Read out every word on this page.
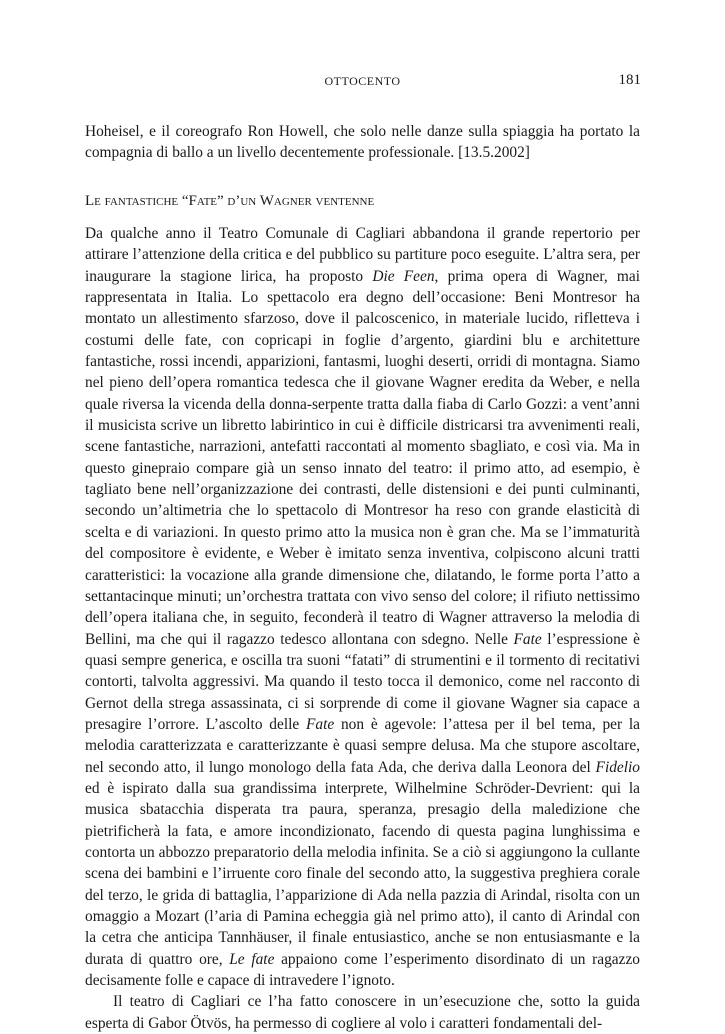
OTTOCENTO	181

Hoheisel, e il coreografo Ron Howell, che solo nelle danze sulla spiaggia ha portato la compagnia di ballo a un livello decentemente professionale. [13.5.2002]

Le fantastiche “Fate” d’un Wagner ventenne

Da qualche anno il Teatro Comunale di Cagliari abbandona il grande repertorio per attirare l’attenzione della critica e del pubblico su partiture poco eseguite. L’altra sera, per inaugurare la stagione lirica, ha proposto Die Feen, prima opera di Wagner, mai rappresentata in Italia. Lo spettacolo era degno dell’occasione: Beni Montresor ha montato un allestimento sfarzoso, dove il palcoscenico, in materiale lucido, rifletteva i costumi delle fate, con copricapi in foglie d’argento, giardini blu e architetture fantastiche, rossi incendi, apparizioni, fantasmi, luoghi deserti, orridi di montagna. Siamo nel pieno dell’opera romantica tedesca che il giovane Wagner eredita da Weber, e nella quale riversa la vicenda della donna-serpente tratta dalla fiaba di Carlo Gozzi: a vent’anni il musicista scrive un libretto labirintico in cui è difficile districarsi tra avvenimenti reali, scene fantastiche, narrazioni, antefatti raccontati al momento sbagliato, e così via. Ma in questo ginepraio compare già un senso innato del teatro: il primo atto, ad esempio, è tagliato bene nell’organizzazione dei contrasti, delle distensioni e dei punti culminanti, secondo un’altimetria che lo spettacolo di Montresor ha reso con grande elasticità di scelta e di variazioni. In questo primo atto la musica non è gran che. Ma se l’immaturità del compositore è evidente, e Weber è imitato senza inventiva, colpiscono alcuni tratti caratteristici: la vocazione alla grande dimensione che, dilatando, le forme porta l’atto a settantacinque minuti; un’orchestra trattata con vivo senso del colore; il rifiuto nettissimo dell’opera italiana che, in seguito, feconderà il teatro di Wagner attraverso la melodia di Bellini, ma che qui il ragazzo tedesco allontana con sdegno. Nelle Fate l’espressione è quasi sempre generica, e oscilla tra suoni “fatati” di strumentini e il tormento di recitativi contorti, talvolta aggressivi. Ma quando il testo tocca il demonico, come nel racconto di Gernot della strega assassinata, ci si sorprende di come il giovane Wagner sia capace a presagire l’orrore. L’ascolto delle Fate non è agevole: l’attesa per il bel tema, per la melodia caratterizzata e caratterizzante è quasi sempre delusa. Ma che stupore ascoltare, nel secondo atto, il lungo monologo della fata Ada, che deriva dalla Leonora del Fidelio ed è ispirato dalla sua grandissima interprete, Wilhelmine Schröder-Devrient: qui la musica sbatacchia disperata tra paura, speranza, presagio della maledizione che pietrificherà la fata, e amore incondizionato, facendo di questa pagina lunghissima e contorta un abbozzo preparatorio della melodia infinita. Se a ciò si aggiungono la cullante scena dei bambini e l’irruente coro finale del secondo atto, la suggestiva preghiera corale del terzo, le grida di battaglia, l’apparizione di Ada nella pazzia di Arindal, risolta con un omaggio a Mozart (l’aria di Pamina echeggia già nel primo atto), il canto di Arindal con la cetra che anticipa Tannhäuser, il finale entusiastico, anche se non entusiasmante e la durata di quattro ore, Le fate appaiono come l’esperimento disordinato di un ragazzo decisamente folle e capace di intravedere l’ignoto.

Il teatro di Cagliari ce l’ha fatto conoscere in un’esecuzione che, sotto la guida esperta di Gabor Ötvös, ha permesso di cogliere al volo i caratteri fondamentali del-
